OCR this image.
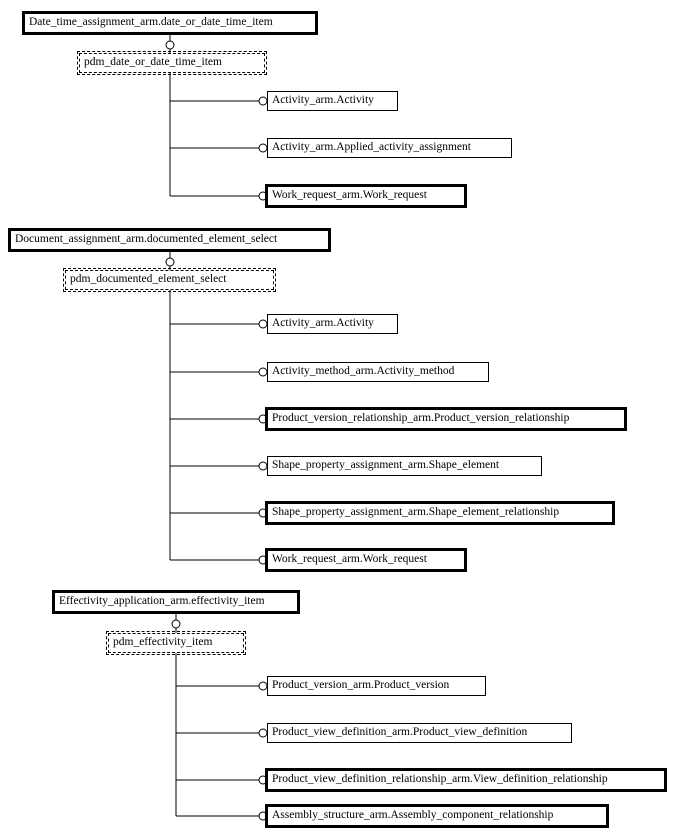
Date_time_assignment_arm.date_or_date_time_item
pdm_date_or_date_time_item
Activity_arm.Activity
Activity_arm.Applied_activity_assignment
Work_request_arm.Work_request
Document_assignment_arm.documented_element_select
pdm_documented_element_select
Activity_arm.Activity
Activity_method_arm.Activity_method
Product_version_relationship_arm.Product_version_relationship
Shape_property_assignment_arm.Shape_element
Shape_property_assignment_arm.Shape_element_relationship
Work_request_arm.Work_request
Effectivity_application_arm.effectivity_item
pdm_effectivity_item
Product_version_arm.Product_version
Product_view_definition_arm.Product_view_definition
Product_view_definition_relationship_arm.View_definition_relationship
Assembly_structure_arm.Assembly_component_relationship
